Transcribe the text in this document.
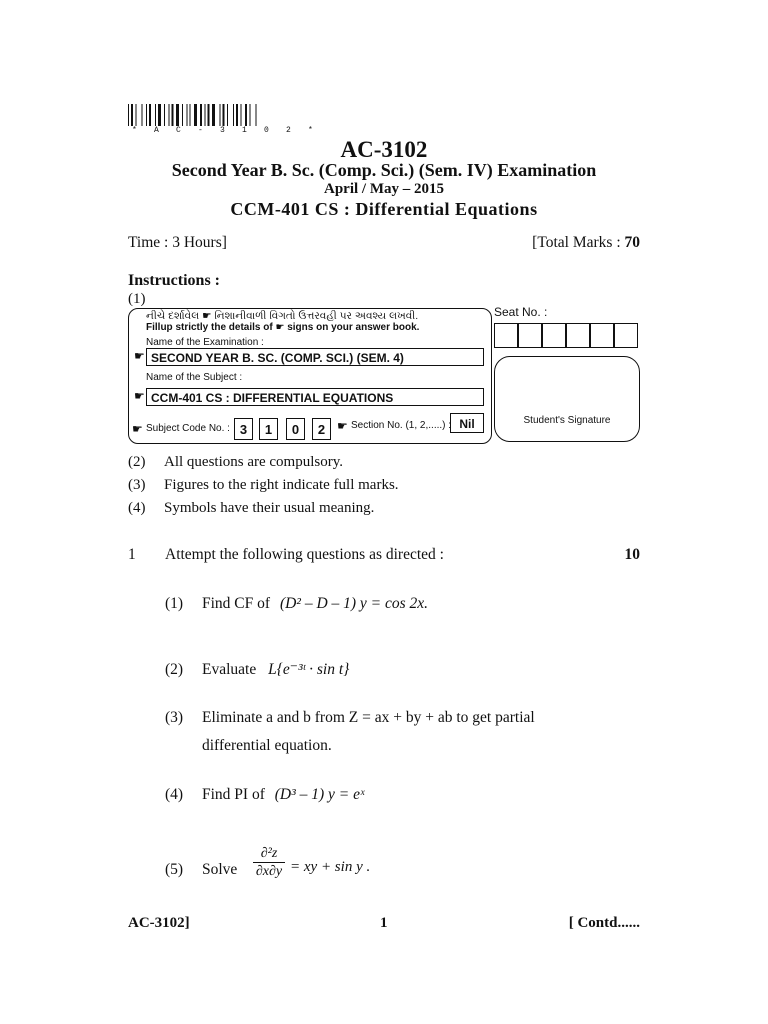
* A C - 3 1 0 2 *
AC-3102
Second Year B. Sc. (Comp. Sci.) (Sem. IV) Examination
April / May – 2015
CCM-401 CS : Differential Equations
Time : 3 Hours]	[Total Marks : 70
Instructions :
(1)
નીચે દર્શાવેલ ☛ નિશાનીવાળી વિગતો ઉત્તરવહી પર અવશ્ય લખવી.
Fillup strictly the details of ☛ signs on your answer book.
Name of the Examination :
☛ SECOND YEAR B. SC. (COMP. SCI.) (SEM. 4)
Name of the Subject :
☛ CCM-401 CS : DIFFERENTIAL EQUATIONS
☛ Subject Code No. : 3	1	0	2 ☛ Section No. (1, 2,.....) : Nil
Seat No. :
Student's Signature
(2) All questions are compulsory.
(3) Figures to the right indicate full marks.
(4) Symbols have their usual meaning.
1 Attempt the following questions as directed :	10
(1) Find CF of (D² – D – 1) y = cos 2x.
(2) Evaluate L{e⁻³ᵗ · sin t}
(3) Eliminate a and b from Z = ax + by + ab to get partial
differential equation.
(4) Find PI of (D³ – 1) y = eˣ
(5) Solve
∂²z
∂x∂y = xy + sin y .
AC-3102]	1	[ Contd......
